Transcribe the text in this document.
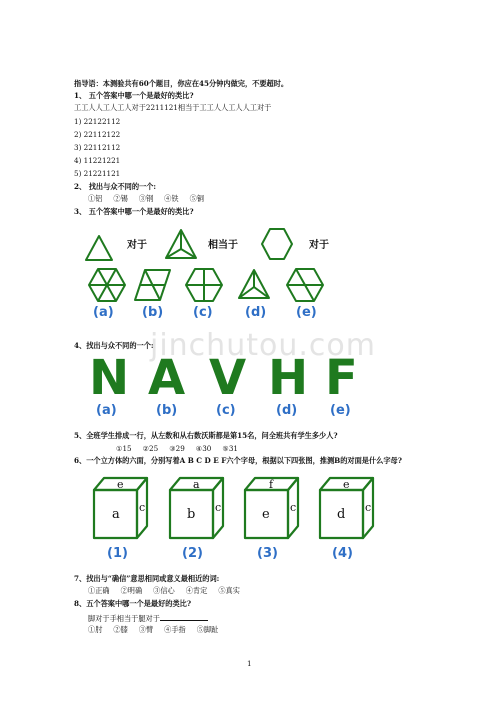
jinchutou.com
指导语：本测验共有60个题目，你应在45分钟内做完，不要超时。
1、 五个答案中哪一个是最好的类比?
工工人人工人工人对于2211121相当于工工人人工人人工对于
1) 22122112
2) 22112122
3) 22112112
4) 11221221
5) 21221121
2、 找出与众不同的一个:
①铝 ②锡 ③钢 ④铁 ⑤铜
3、 五个答案中哪一个是最好的类比?
对于	相当于	对于
(a) (b) (c) (d) (e)
4、找出与众不同的一个:
N A V H F
(a)	(b)	(c)	(d)	(e)
5、全班学生排成一行，从左数和从右数沃斯都是第15名，问全班共有学生多少人?
①15 ②25 ③29 ④30 ⑤31
6、一个立方体的六面，分别写着A B C D E F六个字母，根据以下四张图，推测B的对面是什么字母?
e
a c
a
b c
f
e c
e
d c
(1)	(2)	(3)	(4)
7、找出与“确信”意思相同或意义最相近的词:
①正确 ②明确 ③信心 ④肯定 ⑤真实
8、五个答案中哪一个是最好的类比?
脚对于手相当于腿对于
①肘 ②膝 ③臂 ④手指 ⑤脚趾
1
